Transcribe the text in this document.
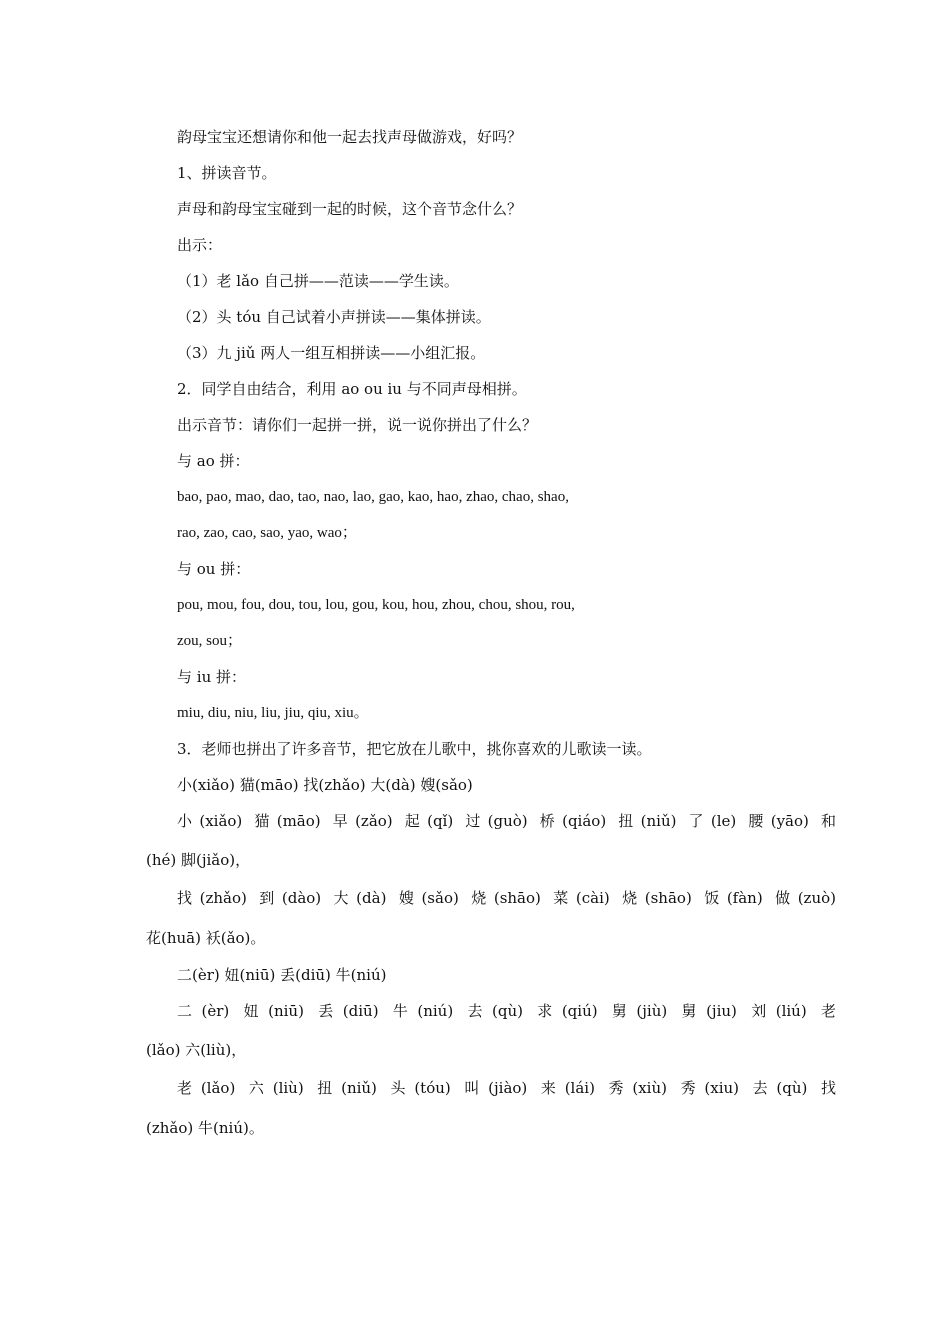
韵母宝宝还想请你和他一起去找声母做游戏，好吗？
1、拼读音节。
声母和韵母宝宝碰到一起的时候，这个音节念什么？
出示：
（1）老 lǎo 自己拼——范读——学生读。
（2）头 tóu 自己试着小声拼读——集体拼读。
（3）九 jiǔ 两人一组互相拼读——小组汇报。
2．同学自由结合，利用 ao ou iu 与不同声母相拼。
出示音节：请你们一起拼一拼，说一说你拼出了什么？
与 ao 拼：
bao, pao, mao, dao, tao, nao, lao, gao, kao, hao, zhao, chao, shao,
rao, zao, cao, sao, yao, wao；
与 ou 拼：
pou, mou, fou, dou, tou, lou, gou, kou, hou, zhou, chou, shou, rou,
zou, sou；
与 iu 拼：
miu, diu, niu, liu, jiu, qiu, xiu。
3．老师也拼出了许多音节，把它放在儿歌中，挑你喜欢的儿歌读一读。
小(xiǎo) 猫(māo) 找(zhǎo) 大(dà) 嫂(sǎo)
小(xiǎo) 猫(māo) 早(zǎo) 起(qǐ) 过(guò) 桥(qiáo) 扭(niǔ) 了(le) 腰(yāo) 和
(hé) 脚(jiǎo)，
找(zhǎo) 到(dào) 大(dà) 嫂(sǎo) 烧(shāo) 菜(cài) 烧(shāo) 饭(fàn) 做(zuò)
花(huā) 袄(ǎo)。
二(èr) 妞(niū) 丢(diū) 牛(niú)
二(èr) 妞(niū) 丢(diū) 牛(niú) 去(qù) 求(qiú) 舅(jiù) 舅(jiu) 刘(liú) 老
(lǎo) 六(liù)，
老(lǎo) 六(liù) 扭(niǔ) 头(tóu) 叫(jiào) 来(lái) 秀(xiù) 秀(xiu) 去(qù) 找
(zhǎo) 牛(niú)。
